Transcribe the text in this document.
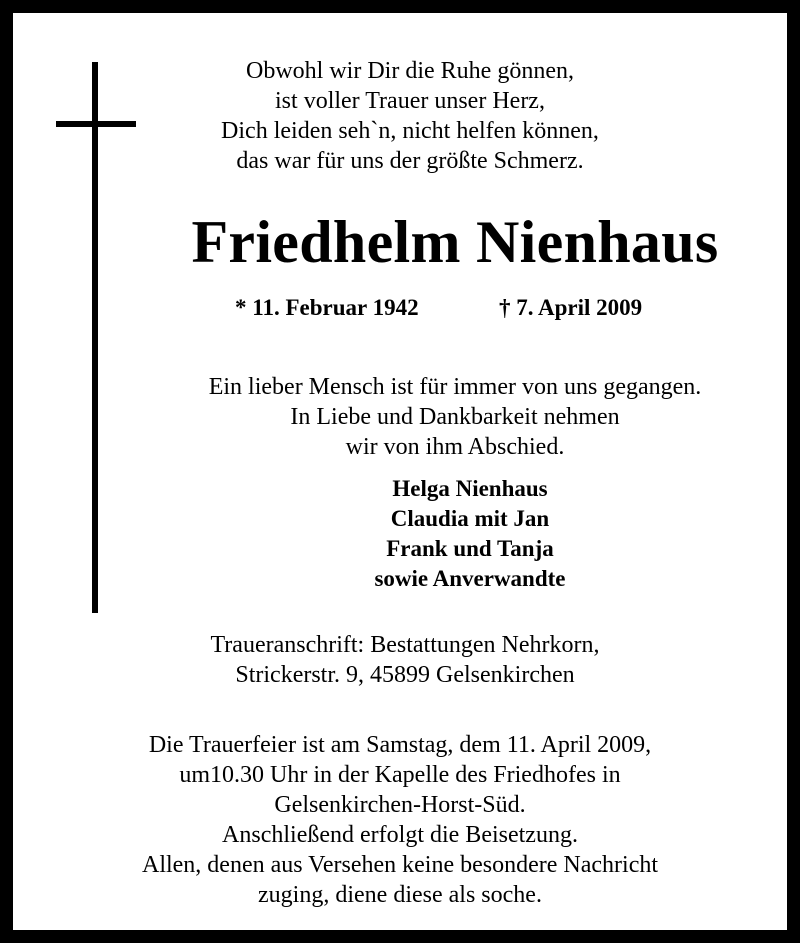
Obwohl wir Dir die Ruhe gönnen,
ist voller Trauer unser Herz,
Dich leiden seh`n, nicht helfen können,
das war für uns der größte Schmerz.
Friedhelm Nienhaus
* 11. Februar 1942	† 7. April 2009
Ein lieber Mensch ist für immer von uns gegangen.
In Liebe und Dankbarkeit nehmen
wir von ihm Abschied.
Helga Nienhaus
Claudia mit Jan
Frank und Tanja
sowie Anverwandte
Traueranschrift: Bestattungen Nehrkorn,
Strickerstr. 9, 45899 Gelsenkirchen
Die Trauerfeier ist am Samstag, dem 11. April 2009,
um10.30 Uhr in der Kapelle des Friedhofes in
Gelsenkirchen-Horst-Süd.
Anschließend erfolgt die Beisetzung.
Allen, denen aus Versehen keine besondere Nachricht
zuging, diene diese als soche.
